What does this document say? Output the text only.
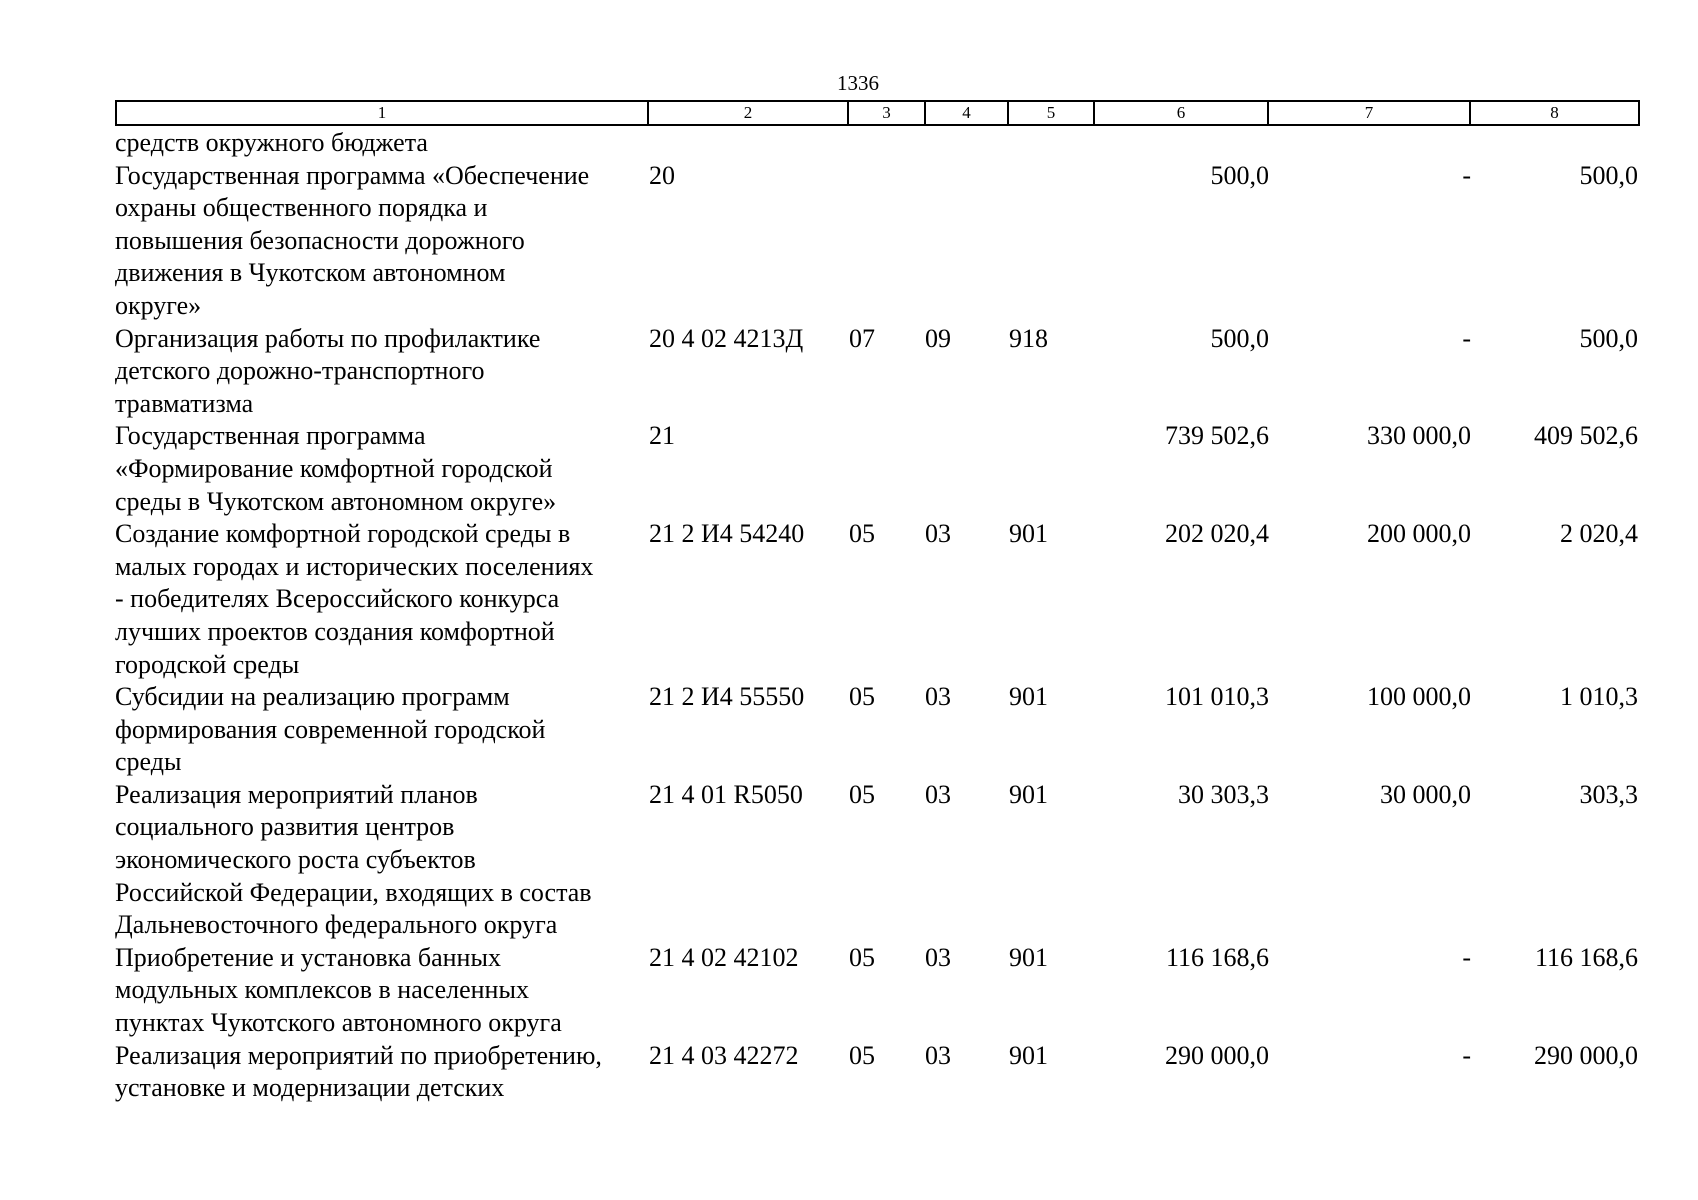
1336
1	2	3	4	5	6	7	8
средств окружного бюджета							
Государственная программа «Обеспечение
охраны общественного порядка и
повышения безопасности дорожного
движения в Чукотском автономном
округе»	20				500,0	-	500,0
Организация работы по профилактике
детского дорожно-транспортного
травматизма	20 4 02 4213Д	07	09	918	500,0	-	500,0
Государственная программа
«Формирование комфортной городской
среды в Чукотском автономном округе»	21				739 502,6	330 000,0	409 502,6
Создание комфортной городской среды в
малых городах и исторических поселениях
- победителях Всероссийского конкурса
лучших проектов создания комфортной
городской среды	21 2 И4 54240	05	03	901	202 020,4	200 000,0	2 020,4
Субсидии на реализацию программ
формирования современной городской
среды	21 2 И4 55550	05	03	901	101 010,3	100 000,0	1 010,3
Реализация мероприятий планов
социального развития центров
экономического роста субъектов
Российской Федерации, входящих в состав
Дальневосточного федерального округа	21 4 01 R5050	05	03	901	30 303,3	30 000,0	303,3
Приобретение и установка банных
модульных комплексов в населенных
пунктах Чукотского автономного округа	21 4 02 42102	05	03	901	116 168,6	-	116 168,6
Реализация мероприятий по приобретению,
установке и модернизации детских	21 4 03 42272	05	03	901	290 000,0	-	290 000,0
